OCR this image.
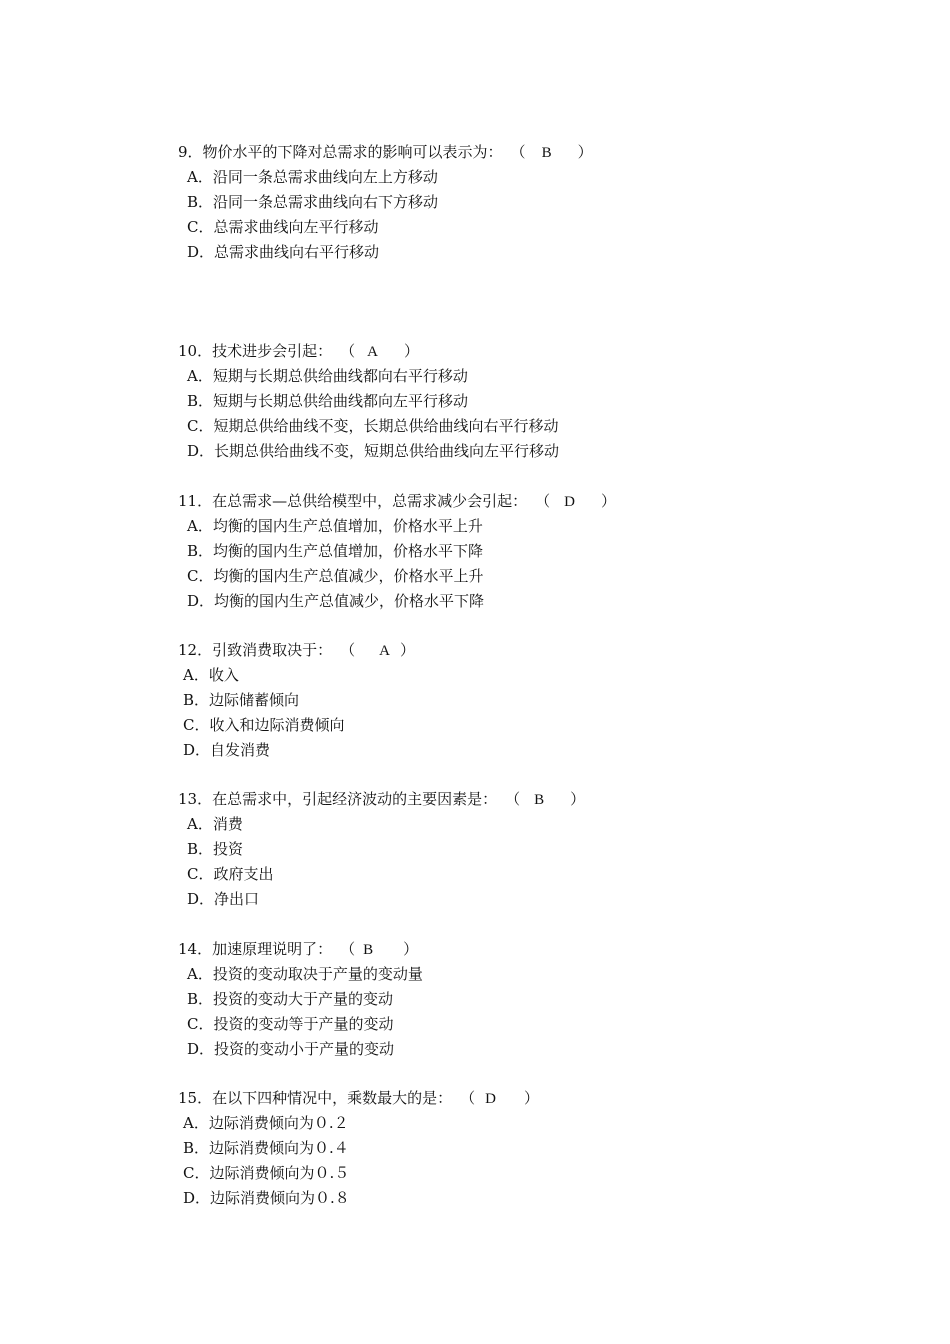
9．物价水平的下降对总需求的影响可以表示为： （ B ）
A．沿同一条总需求曲线向左上方移动
B．沿同一条总需求曲线向右下方移动
C．总需求曲线向左平行移动
D．总需求曲线向右平行移动
10．技术进步会引起： （ A ）
A．短期与长期总供给曲线都向右平行移动
B．短期与长期总供给曲线都向左平行移动
C．短期总供给曲线不变，长期总供给曲线向右平行移动
D．长期总供给曲线不变，短期总供给曲线向左平行移动
11．在总需求—总供给模型中，总需求减少会引起： （ D ）
A．均衡的国内生产总值增加，价格水平上升
B．均衡的国内生产总值增加，价格水平下降
C．均衡的国内生产总值减少，价格水平上升
D．均衡的国内生产总值减少，价格水平下降
12．引致消费取决于： （ A ）
A．收入
B．边际储蓄倾向
C．收入和边际消费倾向
D．自发消费
13．在总需求中，引起经济波动的主要因素是： （ B ）
A．消费
B．投资
C．政府支出
D．净出口
14．加速原理说明了： （ B ）
A．投资的变动取决于产量的变动量
B．投资的变动大于产量的变动
C．投资的变动等于产量的变动
D．投资的变动小于产量的变动
15．在以下四种情况中，乘数最大的是： （ D ）
A．边际消费倾向为０.２
B．边际消费倾向为０.４
C．边际消费倾向为０.５
D．边际消费倾向为０.８
